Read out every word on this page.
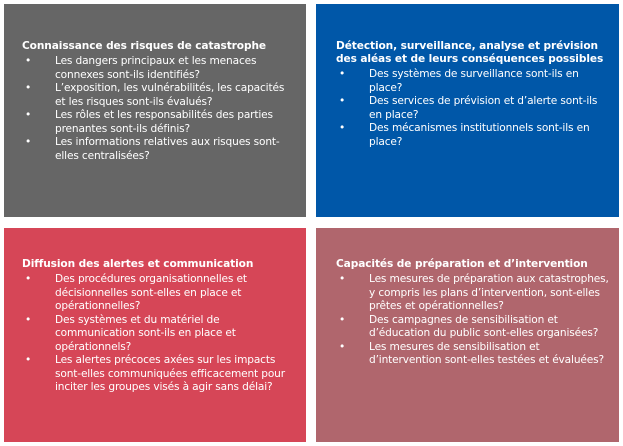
Connaissance des risques de catastrophe
• Les dangers principaux et les menaces connexes sont-ils identifiés?
• L’exposition, les vulnérabilités, les capacités et les risques sont-ils évalués?
• Les rôles et les responsabilités des parties prenantes sont-ils définis?
• Les informations relatives aux risques sont-elles centralisées?
Détection, surveillance, analyse et prévision des aléas et de leurs conséquences possibles
• Des systèmes de surveillance sont-ils en place?
• Des services de prévision et d’alerte sont-ils en place?
• Des mécanismes institutionnels sont-ils en place?
Diffusion des alertes et communication
• Des procédures organisationnelles et décisionnelles sont-elles en place et opérationnelles?
• Des systèmes et du matériel de communication sont-ils en place et opérationnels?
• Les alertes précoces axées sur les impacts sont-elles communiquées efficacement pour inciter les groupes visés à agir sans délai?
Capacités de préparation et d’intervention
• Les mesures de préparation aux catastrophes, y compris les plans d’intervention, sont-elles prêtes et opérationnelles?
• Des campagnes de sensibilisation et d’éducation du public sont-elles organisées?
• Les mesures de sensibilisation et d’intervention sont-elles testées et évaluées?
